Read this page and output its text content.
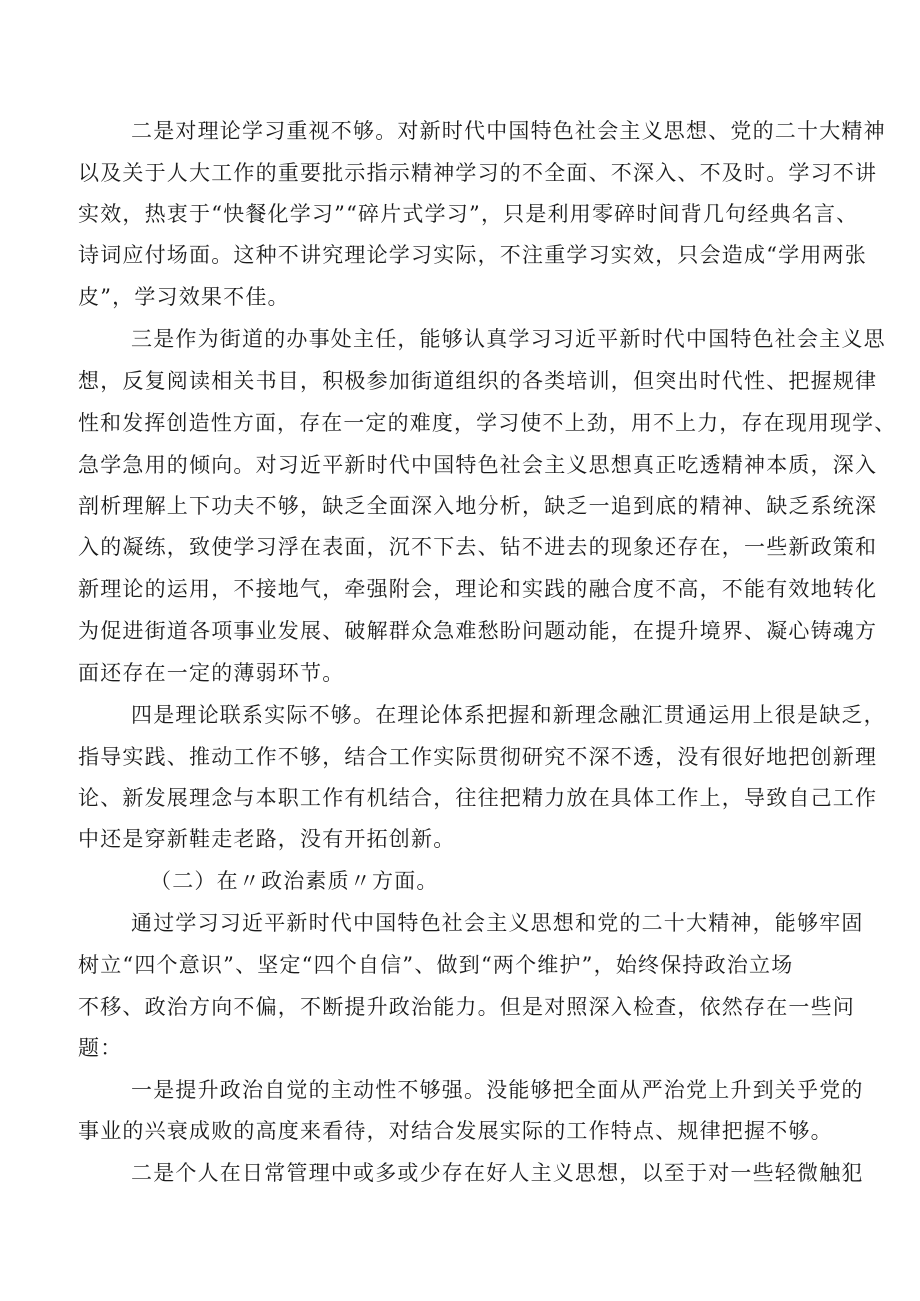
二是对理论学习重视不够。对新时代中国特色社会主义思想、党的二十大精神
以及关于人大工作的重要批示指示精神学习的不全面、不深入、不及时。学习不讲
实效，热衷于“快餐化学习”“碎片式学习”，只是利用零碎时间背几句经典名言、
诗词应付场面。这种不讲究理论学习实际，不注重学习实效，只会造成“学用两张
皮”，学习效果不佳。
三是作为街道的办事处主任，能够认真学习习近平新时代中国特色社会主义思
想，反复阅读相关书目，积极参加街道组织的各类培训，但突出时代性、把握规律
性和发挥创造性方面，存在一定的难度，学习使不上劲，用不上力，存在现用现学、
急学急用的倾向。对习近平新时代中国特色社会主义思想真正吃透精神本质，深入
剖析理解上下功夫不够，缺乏全面深入地分析，缺乏一追到底的精神、缺乏系统深
入的凝练，致使学习浮在表面，沉不下去、钻不进去的现象还存在，一些新政策和
新理论的运用，不接地气，牵强附会，理论和实践的融合度不高，不能有效地转化
为促进街道各项事业发展、破解群众急难愁盼问题动能，在提升境界、凝心铸魂方
面还存在一定的薄弱环节。
四是理论联系实际不够。在理论体系把握和新理念融汇贯通运用上很是缺乏，
指导实践、推动工作不够，结合工作实际贯彻研究不深不透，没有很好地把创新理
论、新发展理念与本职工作有机结合，往往把精力放在具体工作上，导致自己工作
中还是穿新鞋走老路，没有开拓创新。
（二）在〃政治素质〃方面。
通过学习习近平新时代中国特色社会主义思想和党的二十大精神，能够牢固
树立“四个意识”、坚定“四个自信”、做到“两个维护”，始终保持政治立场
不移、政治方向不偏，不断提升政治能力。但是对照深入检查，依然存在一些问
题：
一是提升政治自觉的主动性不够强。没能够把全面从严治党上升到关乎党的
事业的兴衰成败的高度来看待，对结合发展实际的工作特点、规律把握不够。
二是个人在日常管理中或多或少存在好人主义思想，以至于对一些轻微触犯
